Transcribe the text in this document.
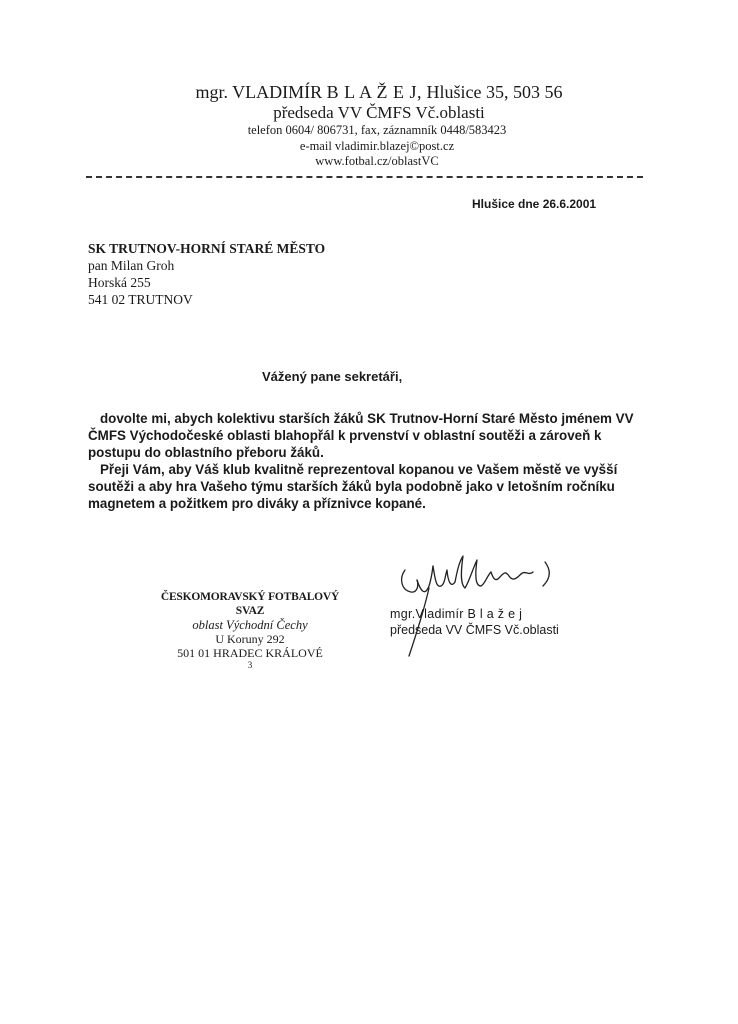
mgr. VLADIMÍR B L A Ž E J, Hlušice 35, 503 56
předseda VV ČMFS Vč.oblasti
telefon 0604/ 806731, fax, záznamník 0448/583423
e-mail vladimir.blazej©post.cz
www.fotbal.cz/oblastVC
Hlušice dne 26.6.2001
SK TRUTNOV-HORNÍ STARÉ MĚSTO
pan Milan Groh
Horská 255
541 02 TRUTNOV
Vážený pane sekretáři,

dovolte mi, abych kolektivu starších žáků SK Trutnov-Horní Staré Město jménem VV ČMFS Východočeské oblasti blahopřál k prvenství v oblastní soutěži a zároveň k postupu do oblastního přeboru žáků.

Přeji Vám, aby Váš klub kvalitně reprezentoval kopanou ve Vašem městě ve vyšší soutěži a aby hra Vašeho týmu starších žáků byla podobně jako v letošním ročníku magnetem a požitkem pro diváky a příznivce kopané.

ČESKOMORAVSKÝ FOTBALOVÝ SVAZ
oblast Východní Čechy
U Koruny 292
501 01 HRADEC KRÁLOVÉ
3
mgr.Vladimír B l a ž e j
předseda VV ČMFS Vč.oblasti
